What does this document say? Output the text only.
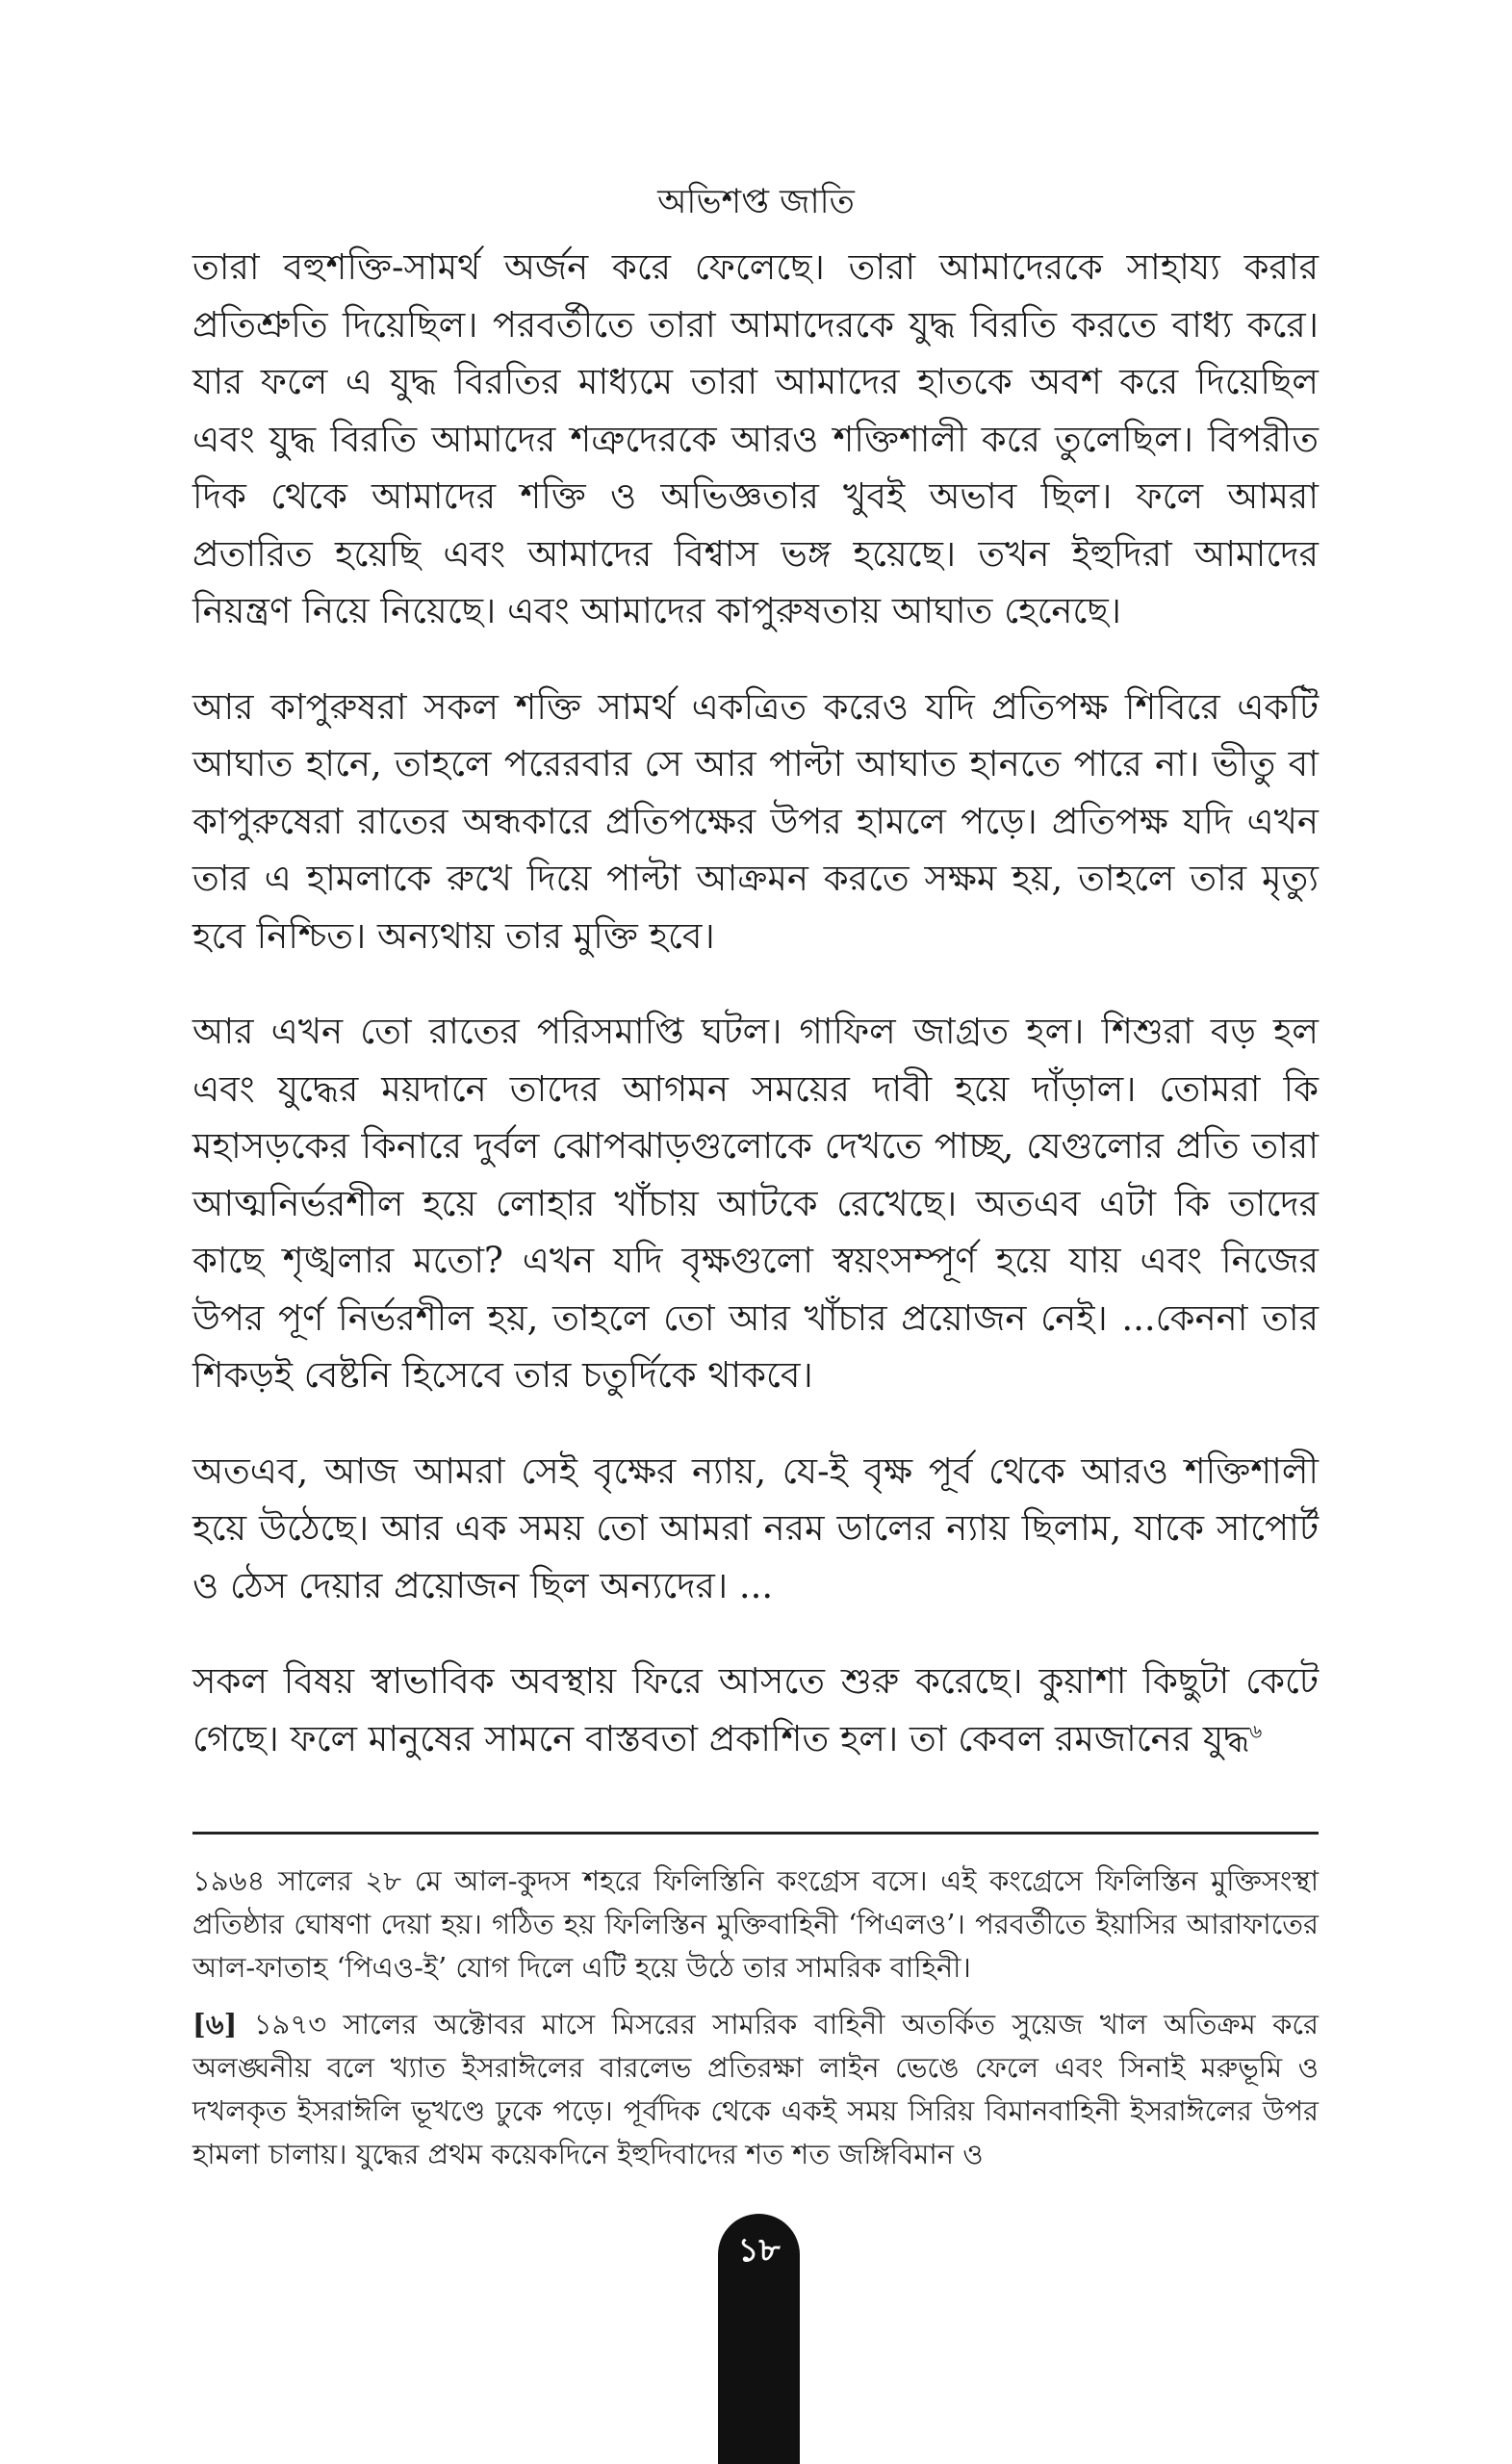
অভিশপ্ত জাতি

তারা বহুশক্তি-সামর্থ অর্জন করে ফেলেছে। তারা আমাদেরকে সাহায্য করার প্রতিশ্রুতি দিয়েছিল। পরবর্তীতে তারা আমাদেরকে যুদ্ধ বিরতি করতে বাধ্য করে। যার ফলে এ যুদ্ধ বিরতির মাধ্যমে তারা আমাদের হাতকে অবশ করে দিয়েছিল এবং যুদ্ধ বিরতি আমাদের শত্রুদেরকে আরও শক্তিশালী করে তুলেছিল। বিপরীত দিক থেকে আমাদের শক্তি ও অভিজ্ঞতার খুবই অভাব ছিল। ফলে আমরা প্রতারিত হয়েছি এবং আমাদের বিশ্বাস ভঙ্গ হয়েছে। তখন ইহুদিরা আমাদের নিয়ন্ত্রণ নিয়ে নিয়েছে। এবং আমাদের কাপুরুষতায় আঘাত হেনেছে।

আর কাপুরুষরা সকল শক্তি সামর্থ একত্রিত করেও যদি প্রতিপক্ষ শিবিরে একটি আঘাত হানে, তাহলে পরেরবার সে আর পাল্টা আঘাত হানতে পারে না। ভীতু বা কাপুরুষেরা রাতের অন্ধকারে প্রতিপক্ষের উপর হামলে পড়ে। প্রতিপক্ষ যদি এখন তার এ হামলাকে রুখে দিয়ে পাল্টা আক্রমন করতে সক্ষম হয়, তাহলে তার মৃত্যু হবে নিশ্চিত। অন্যথায় তার মুক্তি হবে।

আর এখন তো রাতের পরিসমাপ্তি ঘটল। গাফিল জাগ্রত হল। শিশুরা বড় হল এবং যুদ্ধের ময়দানে তাদের আগমন সময়ের দাবী হয়ে দাঁড়াল। তোমরা কি মহাসড়কের কিনারে দুর্বল ঝোপঝাড়গুলোকে দেখতে পাচ্ছ, যেগুলোর প্রতি তারা আত্মনির্ভরশীল হয়ে লোহার খাঁচায় আটকে রেখেছে। অতএব এটা কি তাদের কাছে শৃঙ্খলার মতো? এখন যদি বৃক্ষগুলো স্বয়ংসম্পূর্ণ হয়ে যায় এবং নিজের উপর পূর্ণ নির্ভরশীল হয়, তাহলে তো আর খাঁচার প্রয়োজন নেই। ...কেননা তার শিকড়ই বেষ্টনি হিসেবে তার চতুর্দিকে থাকবে।

অতএব, আজ আমরা সেই বৃক্ষের ন্যায়, যে-ই বৃক্ষ পূর্ব থেকে আরও শক্তিশালী হয়ে উঠেছে। আর এক সময় তো আমরা নরম ডালের ন্যায় ছিলাম, যাকে সাপোর্ট ও ঠেস দেয়ার প্রয়োজন ছিল অন্যদের। ...

সকল বিষয় স্বাভাবিক অবস্থায় ফিরে আসতে শুরু করেছে। কুয়াশা কিছুটা কেটে গেছে। ফলে মানুষের সামনে বাস্তবতা প্রকাশিত হল। তা কেবল রমজানের যুদ্ধ$^৬$

১৯৬৪ সালের ২৮ মে আল-কুদস শহরে ফিলিস্তিনি কংগ্রেস বসে। এই কংগ্রেসে ফিলিস্তিন মুক্তিসংস্থা প্রতিষ্ঠার ঘোষণা দেয়া হয়। গঠিত হয় ফিলিস্তিন মুক্তিবাহিনী ‘পিএলও’। পরবর্তীতে ইয়াসির আরাফাতের আল-ফাতাহ ‘পিএও-ই’ যোগ দিলে এটি হয়ে উঠে তার সামরিক বাহিনী।

[৬] ১৯৭৩ সালের অক্টোবর মাসে মিসরের সামরিক বাহিনী অতর্কিত সুয়েজ খাল অতিক্রম করে অলঙ্ঘনীয় বলে খ্যাত ইসরাঈলের বারলেভ প্রতিরক্ষা লাইন ভেঙে ফেলে এবং সিনাই মরুভূমি ও দখলকৃত ইসরাঈলি ভূখণ্ডে ঢুকে পড়ে। পূর্বদিক থেকে একই সময় সিরিয় বিমানবাহিনী ইসরাঈলের উপর হামলা চালায়। যুদ্ধের প্রথম কয়েকদিনে ইহুদিবাদের শত শত জঙ্গিবিমান ও

১৮
